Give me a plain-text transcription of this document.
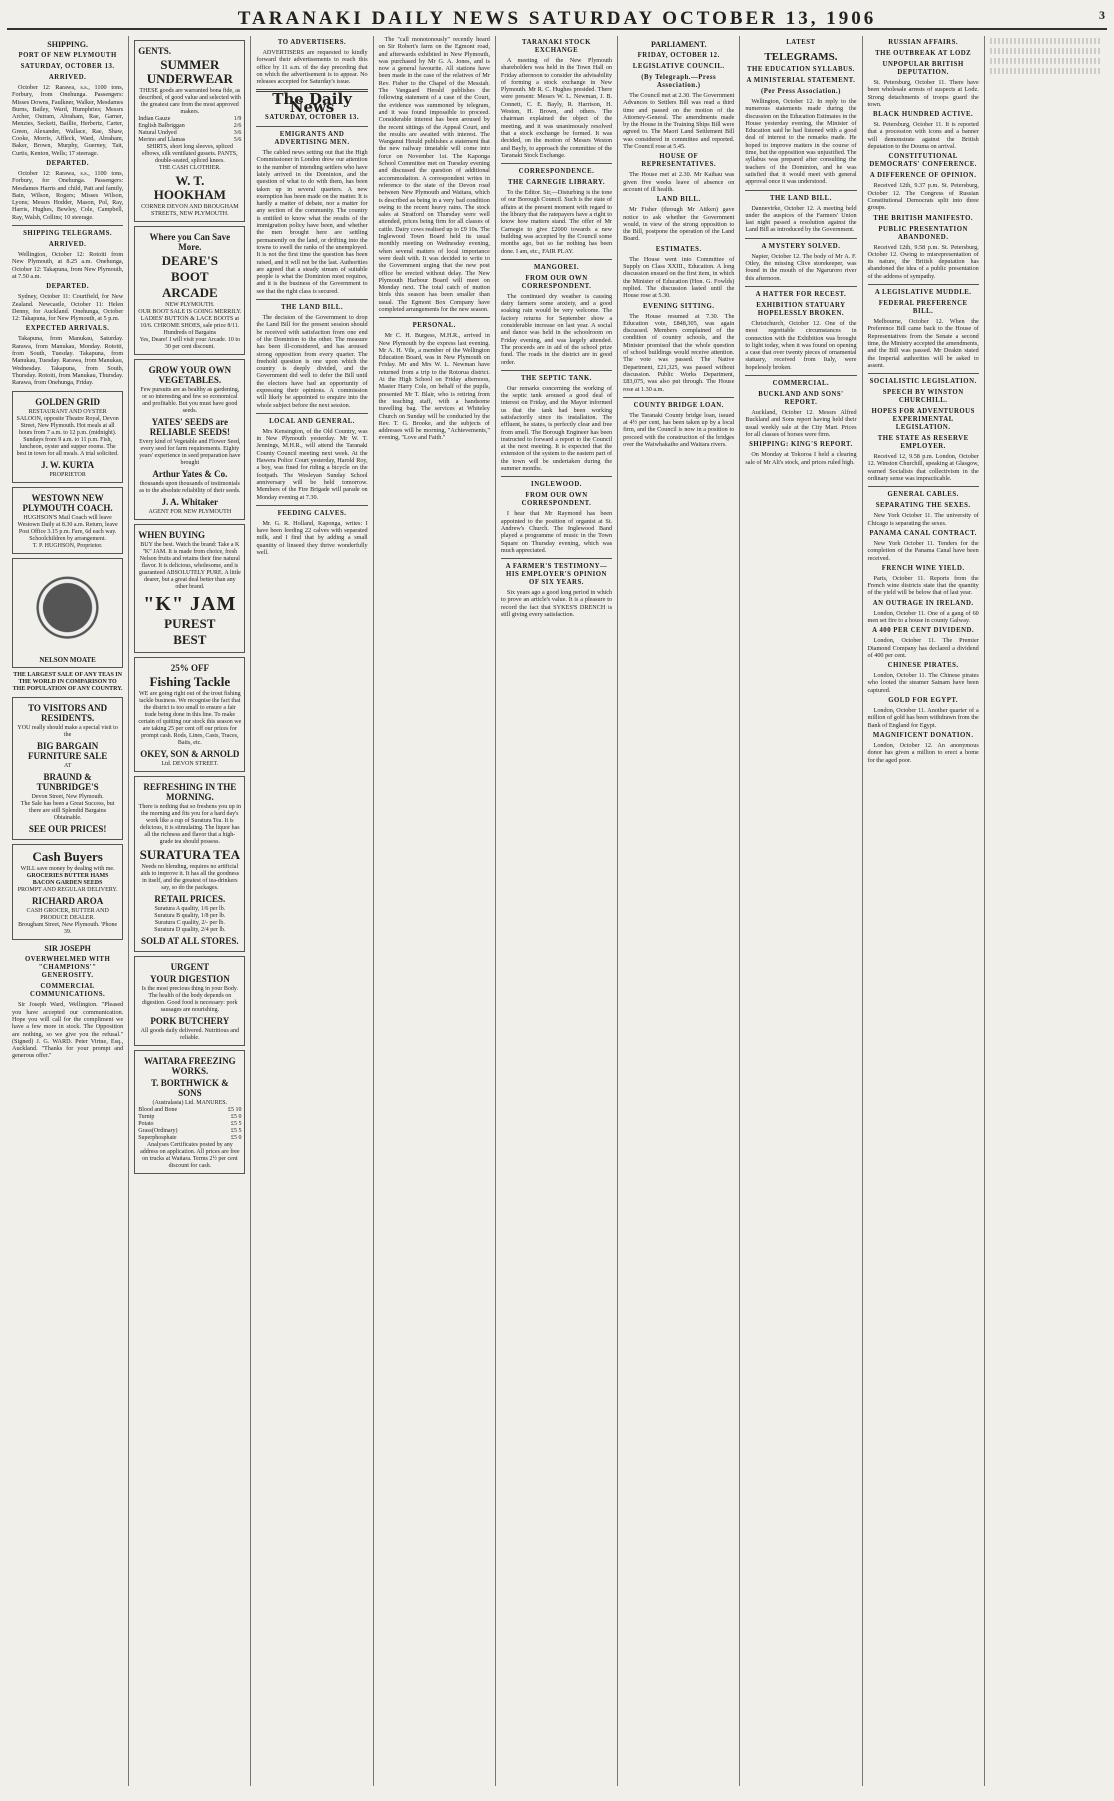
TARANAKI DAILY NEWS SATURDAY OCTOBER 13, 1906	3
SHIPPING.
PORT OF NEW PLYMOUTH
SATURDAY, OCTOBER 13.
ARRIVED.

October 12: Rarawa, s.s., 1100 tons, Forbury, from Onehunga. Passengers: Misses Downs, Faulkner, Walker, Mesdames Burns, Bailey, Ward, Humphries; Messrs Archer, Outram, Abraham, Rae, Garner, Menzies, Seckett, Baillie, Herbertz, Carter, Green, Alexander, Wallace, Rae, Shaw, Cooke, Morris, Affleck, Ward, Abraham, Baker, Brown, Murphy, Guerney, Tait, Curtis, Kenton, Wells; 17 steerage.

DEPARTED.

October 12: Rarawa, s.s., 1100 tons, Forbury, for Onehunga. Passengers: Mesdames Harris and child, Patt and family, Bain, Wilson, Rogers; Misses Wilson, Lyons; Messrs Hodder, Mason, Pol, Ray, Harris, Hughes, Bewley, Cole, Campbell, Ray, Walsh, Collins; 10 steerage.

SHIPPING TELEGRAMS.
ARRIVED.

Wellington, October 12: Rotoiti from New Plymouth, at 8.25 a.m. Onehunga, October 12: Takapuna, from New Plymouth, at 7.50 a.m.

DEPARTED.

Sydney, October 11: Courtfield, for New Zealand. Newcastle, October 11: Helen Denny, for Auckland. Onehunga, October 12: Takapuna, for New Plymouth, at 5 p.m.

EXPECTED ARRIVALS.

Takapuna, from Manukau, Saturday. Rarawa, from Manukau, Monday. Rotoiti, from South, Tuesday. Takapuna, from Manukau, Tuesday. Rarawa, from Manukau, Wednesday. Takapuna, from South, Thursday. Rotoiti, from Manukau, Thursday. Rarawa, from Onehunga, Friday.

GOLDEN GRID
RESTAURANT AND OYSTER SALOON, opposite Theatre Royal, Devon Street, New Plymouth. Hot meals at all hours from 7 a.m. to 12 p.m. (midnight). Sundays from 9 a.m. to 11 p.m. Fish, luncheon, oyster and supper rooms. The best in town for all meals. A trial solicited.
J. W. KURTA
PROPRIETOR
WESTOWN NEW PLYMOUTH COACH.
HUGHSON'S Mail Coach will leave Westown Daily at 8.30 a.m. Return, leave Post Office 3.15 p.m. Fare, 6d each way. Schoolchildren by arrangement.
T. P. HUGHSON, Proprietor.
NELSON MOATE
THE LARGEST SALE OF ANY TEAS IN THE WORLD IN COMPARISON TO THE POPULATION OF ANY COUNTRY.
TO VISITORS AND RESIDENTS.
YOU really should make a special visit to the
BIG BARGAIN FURNITURE SALE
AT
BRAUND & TUNBRIDGE'S
Devon Street, New Plymouth.
The Sale has been a Great Success, but there are still Splendid Bargains Obtainable.
SEE OUR PRICES!
Cash Buyers
WILL save money by dealing with me.
GROCERIES BUTTER HAMS BACON GARDEN SEEDS
PROMPT AND REGULAR DELIVERY.
RICHARD AROA
CASH GROCER, BUTTER AND PRODUCE DEALER.
Brougham Street, New Plymouth. 'Phone 39.
SIR JOSEPH
OVERWHELMED WITH "CHAMPIONS'" GENEROSITY.
COMMERCIAL COMMUNICATIONS.

Sir Joseph Ward, Wellington. "Pleased you have accepted our communication. Hope you will call for the compliment we have a few more in stock. The Opposition are nothing, so we give you the refusal." (Signed) J. G. WARD. Peter Virtue, Esq., Auckland. "Thanks for your prompt and generous offer."

GENTS.
SUMMER UNDERWEAR
THESE goods are warranted bona fide, as described, of good value and selected with the greatest care from the most approved makers.
Indian Gauze	1/9
English Balbriggan	2/6
Natural Undyed	3/6
Merino and Llamas	5/6
SHIRTS, short long sleeves, spliced elbows, silk ventilated gussets. PANTS, double-seated, spliced knees.
THE CASH CLOTHIER.
W. T. HOOKHAM
CORNER DEVON AND BROUGHAM STREETS, NEW PLYMOUTH.
Where you Can Save More.
DEARE'S
BOOT
ARCADE
NEW PLYMOUTH.
OUR BOOT SALE IS GOING MERRILY. LADIES' BUTTON & LACE BOOTS at 10/6. CHROME SHOES, sale price 8/11. Hundreds of Bargains
Yes, Deare! I will visit your Arcade. 10 to 30 per cent discount.
GROW YOUR OWN VEGETABLES.
Few pursuits are as healthy as gardening, or so interesting and few so economical and profitable. But you must have good seeds.
YATES' SEEDS are RELIABLE SEEDS!
Every kind of Vegetable and Flower Seed, every seed for farm requirements. Eighty years' experience in seed preparation have brought
Arthur Yates & Co.
thousands upon thousands of testimonials as to the absolute reliability of their seeds.
J. A. Whitaker
AGENT FOR NEW PLYMOUTH
WHEN BUYING
BUY the best. Watch the brand: Take a K "K" JAM. It is made from choice, fresh Nelson fruits and retains their fine natural flavor. It is delicious, wholesome, and is guaranteed ABSOLUTELY PURE. A little dearer, but a great deal better than any other brand.
"K" JAM
PUREST
BEST
25% OFF
Fishing Tackle
WE are going right out of the trout fishing tackle business. We recognise the fact that the district is too small to ensure a fair trade being done in this line. To make certain of quitting our stock this season we are taking 25 per cent off our prices for prompt cash. Rods, Lines, Casts, Traces, Baits, etc.
OKEY, SON & ARNOLD
Ltd. DEVON STREET.
REFRESHING IN THE MORNING.
There is nothing that so freshens you up in the morning and fits you for a hard day's work like a cup of Suratura Tea. It is delicious, it is stimulating. The liquor has all the richness and flavor that a high-grade tea should possess.
SURATURA TEA
Needs no blending, requires no artificial aids to improve it. It has all the goodness in itself, and the greatest of tea-drinkers say, so do the packages.
RETAIL PRICES.
Suratura A quality, 1/6 per lb.
Suratura B quality, 1/8 per lb.
Suratura C quality, 2/- per lb.
Suratura D quality, 2/4 per lb.
SOLD AT ALL STORES.
URGENT
YOUR DIGESTION
Is the most precious thing in your Body. The health of the body depends on digestion. Good food is necessary: pork sausages are nourishing.
PORK BUTCHERY
All goods daily delivered. Nutritious and reliable.
WAITARA FREEZING WORKS.
T. BORTHWICK & SONS
(Australasia) Ltd. MANURES.
Blood and Bone	£5 10
Turnip	£5 0
Potato	£5 5
Grass(Ordinary)	£5 5
Superphosphate	£5 0
Analyses Certificates posted by any address on application. All prices are free on trucks at Waitara. Terms 2½ per cent discount for cash.
TO ADVERTISERS.

ADVERTISERS are requested to kindly forward their advertisements to reach this office by 11 a.m. of the day preceding that on which the advertisement is to appear. No releases accepted for Saturday's issue.

The Daily News
SATURDAY, OCTOBER 13.
EMIGRANTS AND ADVERTISING MEN.

The cabled news setting out that the High Commissioner in London drew our attention to the number of intending settlers who have lately arrived in the Dominion, and the question of what to do with them, has been taken up in several quarters. A new exemption has been made on the matter. It is hardly a matter of debate, nor a matter for any section of the community. The country is entitled to know what the results of the immigration policy have been, and whether the men brought here are settling permanently on the land, or drifting into the towns to swell the ranks of the unemployed. It is not the first time the question has been raised, and it will not be the last. Authorities are agreed that a steady stream of suitable people is what the Dominion most requires, and it is the business of the Government to see that the right class is secured.

THE LAND BILL.

The decision of the Government to drop the Land Bill for the present session should be received with satisfaction from one end of the Dominion to the other. The measure has been ill-considered, and has aroused strong opposition from every quarter. The freehold question is one upon which the country is deeply divided, and the Government did well to defer the Bill until the electors have had an opportunity of expressing their opinions. A commission will likely be appointed to enquire into the whole subject before the next session.

LOCAL AND GENERAL.

Mrs Kensington, of the Old Country, was in New Plymouth yesterday. Mr W. T. Jennings, M.H.R., will attend the Taranaki County Council meeting next week. At the Hawera Police Court yesterday, Harold Roy, a boy, was fined for riding a bicycle on the footpath. The Wesleyan Sunday School anniversary will be held tomorrow. Members of the Fire Brigade will parade on Monday evening at 7.30.

FEEDING CALVES.

Mr. G. R. Holland, Kaponga, writes: I have been feeding 22 calves with separated milk, and I find that by adding a small quantity of linseed they thrive wonderfully well.

The "call monotonously" recently heard on Sir Robert's farm on the Egmont road, and afterwards exhibited in New Plymouth, was purchased by Mr G. A. Jones, and is now a general favourite. All stations have been made in the case of the relatives of Mr Rev. Fisher to the Chapel of the Messiah. The Vanguard Herald publishes the following statement of a case of the Court, the evidence was summoned by telegram, and it was found impossible to proceed. Considerable interest has been aroused by the recent sittings of the Appeal Court, and the results are awaited with interest. The Wanganui Herald publishes a statement that the new railway timetable will come into force on November 1st. The Kaponga School Committee met on Tuesday evening and discussed the question of additional accommodation. A correspondent writes in reference to the state of the Devon road between New Plymouth and Waitara, which is described as being in a very bad condition owing to the recent heavy rains. The stock sales at Stratford on Thursday were well attended, prices being firm for all classes of cattle. Dairy cows realised up to £9 10s. The Inglewood Town Board held its usual monthly meeting on Wednesday evening, when several matters of local importance were dealt with. It was decided to write to the Government urging that the new post office be erected without delay. The New Plymouth Harbour Board will meet on Monday next. The total catch of mutton birds this season has been smaller than usual. The Egmont Box Company have completed arrangements for the new season.

PERSONAL.

Mr C. H. Burgess, M.H.R., arrived in New Plymouth by the express last evening. Mr A. H. Vile, a member of the Wellington Education Board, was in New Plymouth on Friday. Mr and Mrs W. L. Newman have returned from a trip to the Rotorua district. At the High School on Friday afternoon, Master Harry Cole, on behalf of the pupils, presented Mr T. Blair, who is retiring from the teaching staff, with a handsome travelling bag. The services at Whiteley Church on Sunday will be conducted by the Rev. T. G. Brooke, and the subjects of addresses will be morning, "Achievements," evening, "Love and Faith."

TARANAKI STOCK EXCHANGE

A meeting of the New Plymouth shareholders was held in the Town Hall on Friday afternoon to consider the advisability of forming a stock exchange in New Plymouth. Mr R. C. Hughes presided. There were present: Messrs W. L. Newman, J. B. Connett, C. E. Bayly, R. Harrison, H. Weston, H. Brown, and others. The chairman explained the object of the meeting, and it was unanimously resolved that a stock exchange be formed. It was decided, on the motion of Messrs Weston and Bayly, to approach the committee of the Taranaki Stock Exchange.

CORRESPONDENCE.
THE CARNEGIE LIBRARY.

To the Editor. Sir,—Disturbing is the tone of our Borough Council. Such is the state of affairs at the present moment with regard to the library that the ratepayers have a right to know how matters stand. The offer of Mr Carnegie to give £2000 towards a new building was accepted by the Council some months ago, but so far nothing has been done. I am, etc., FAIR PLAY.

MANGOREI.
FROM OUR OWN CORRESPONDENT.

The continued dry weather is causing dairy farmers some anxiety, and a good soaking rain would be very welcome. The factory returns for September show a considerable increase on last year. A social and dance was held in the schoolroom on Friday evening, and was largely attended. The proceeds are in aid of the school prize fund. The roads in the district are in good order.

THE SEPTIC TANK.

Our remarks concerning the working of the septic tank aroused a good deal of interest on Friday, and the Mayor informed us that the tank had been working satisfactorily since its installation. The effluent, he states, is perfectly clear and free from smell. The Borough Engineer has been instructed to forward a report to the Council at the next meeting. It is expected that the extension of the system to the eastern part of the town will be undertaken during the summer months.

INGLEWOOD.
FROM OUR OWN CORRESPONDENT.

I hear that Mr Raymond has been appointed to the position of organist at St. Andrew's Church. The Inglewood Band played a programme of music in the Town Square on Thursday evening, which was much appreciated.

A FARMER'S TESTIMONY—HIS EMPLOYER'S OPINION OF SIX YEARS.

Six years ago a good long period in which to prove an article's value. It is a pleasure to record the fact that SYKES'S DRENCH is still giving every satisfaction.

PARLIAMENT.
FRIDAY, OCTOBER 12.
LEGISLATIVE COUNCIL.
(By Telegraph.—Press Association.)

The Council met at 2.30. The Government Advances to Settlers Bill was read a third time and passed on the motion of the Attorney-General. The amendments made by the House in the Training Ships Bill were agreed to. The Maori Land Settlement Bill was considered in committee and reported. The Council rose at 5.45.

HOUSE OF REPRESENTATIVES.

The House met at 2.30. Mr Kaihau was given five weeks leave of absence on account of ill health.

LAND BILL.

Mr Fisher (through Mr Aitken) gave notice to ask whether the Government would, in view of the strong opposition to the Bill, postpone the operation of the Land Board.

ESTIMATES.

The House went into Committee of Supply on Class XXIII., Education. A long discussion ensued on the first item, in which the Minister of Education (Hon. G. Fowlds) replied. The discussion lasted until the House rose at 5.30.

EVENING SITTING.

The House resumed at 7.30. The Education vote, £848,305, was again discussed. Members complained of the condition of country schools, and the Minister promised that the whole question of school buildings would receive attention. The vote was passed. The Native Department, £21,325, was passed without discussion. Public Works Department, £83,075, was also put through. The House rose at 1.30 a.m.

COUNTY BRIDGE LOAN.

The Taranaki County bridge loan, issued at 4½ per cent, has been taken up by a local firm, and the Council is now in a position to proceed with the construction of the bridges over the Waiwhakaiho and Waitara rivers.

LATEST
TELEGRAMS.
THE EDUCATION SYLLABUS.
A MINISTERIAL STATEMENT.
(Per Press Association.)

Wellington, October 12. In reply to the numerous statements made during the discussion on the Education Estimates in the House yesterday evening, the Minister of Education said he had listened with a good deal of interest to the remarks made. He hoped to improve matters in the course of time, but the opposition was unjustified. The syllabus was prepared after consulting the teachers of the Dominion, and he was satisfied that it would meet with general approval once it was understood.

THE LAND BILL.

Dannevirke, October 12. A meeting held under the auspices of the Farmers' Union last night passed a resolution against the Land Bill as introduced by the Government.

A MYSTERY SOLVED.

Napier, October 12. The body of Mr A. F. Otley, the missing Clive storekeeper, was found in the mouth of the Ngaruroro river this afternoon.

A HATTER FOR RECEST.
EXHIBITION STATUARY HOPELESSLY BROKEN.

Christchurch, October 12. One of the most regrettable circumstances in connection with the Exhibition was brought to light today, when it was found on opening a case that over twenty pieces of ornamental statuary, received from Italy, were hopelessly broken.

COMMERCIAL.
BUCKLAND AND SONS' REPORT.

Auckland, October 12. Messrs Alfred Buckland and Sons report having held their usual weekly sale at the City Mart. Prices for all classes of horses were firm.

SHIPPING: KING'S REPORT.

On Monday at Tokoroa I held a clearing sale of Mr Ali's stock, and prices ruled high.

RUSSIAN AFFAIRS.
THE OUTBREAK AT LODZ
UNPOPULAR BRITISH DEPUTATION.

St. Petersburg, October 11. There have been wholesale arrests of suspects at Lodz. Strong detachments of troops guard the town.

BLACK HUNDRED ACTIVE.

St. Petersburg, October 11. It is reported that a procession with icons and a banner will demonstrate against the British deputation to the Douma on arrival.

CONSTITUTIONAL DEMOCRATS' CONFERENCE.
A DIFFERENCE OF OPINION.

Received 12th, 9.37 p.m. St. Petersburg, October 12. The Congress of Russian Constitutional Democrats split into three groups.

THE BRITISH MANIFESTO.
PUBLIC PRESENTATION ABANDONED.

Received 12th, 9.58 p.m. St. Petersburg, October 12. Owing to misrepresentation of its nature, the British deputation has abandoned the idea of a public presentation of the address of sympathy.

A LEGISLATIVE MUDDLE.
FEDERAL PREFERENCE BILL.

Melbourne, October 12. When the Preference Bill came back to the House of Representatives from the Senate a second time, the Ministry accepted the amendments, and the Bill was passed. Mr Deakin stated the Imperial authorities will be asked to assent.

SOCIALISTIC LEGISLATION.
SPEECH BY WINSTON CHURCHILL.
HOPES FOR ADVENTUROUS EXPERIMENTAL LEGISLATION.
THE STATE AS RESERVE EMPLOYER.

Received 12, 9.58 p.m. London, October 12. Winston Churchill, speaking at Glasgow, warned Socialists that collectivism in the ordinary sense was impracticable.

GENERAL CABLES.
SEPARATING THE SEXES.

New York October 11. The university of Chicago is separating the sexes.

PANAMA CANAL CONTRACT.

New York October 11. Tenders for the completion of the Panama Canal have been received.

FRENCH WINE YIELD.

Paris, October 11. Reports from the French wine districts state that the quantity of the yield will be below that of last year.

AN OUTRAGE IN IRELAND.

London, October 11. One of a gang of 60 men set fire to a house in county Galway.

A 400 PER CENT DIVIDEND.

London, October 11. The Premier Diamond Company has declared a dividend of 400 per cent.

CHINESE PIRATES.

London, October 11. The Chinese pirates who looted the steamer Sainam have been captured.

GOLD FOR EGYPT.

London, October 11. Another quarter of a million of gold has been withdrawn from the Bank of England for Egypt.

MAGNIFICENT DONATION.

London, October 12. An anonymous donor has given a million to erect a home for the aged poor.
